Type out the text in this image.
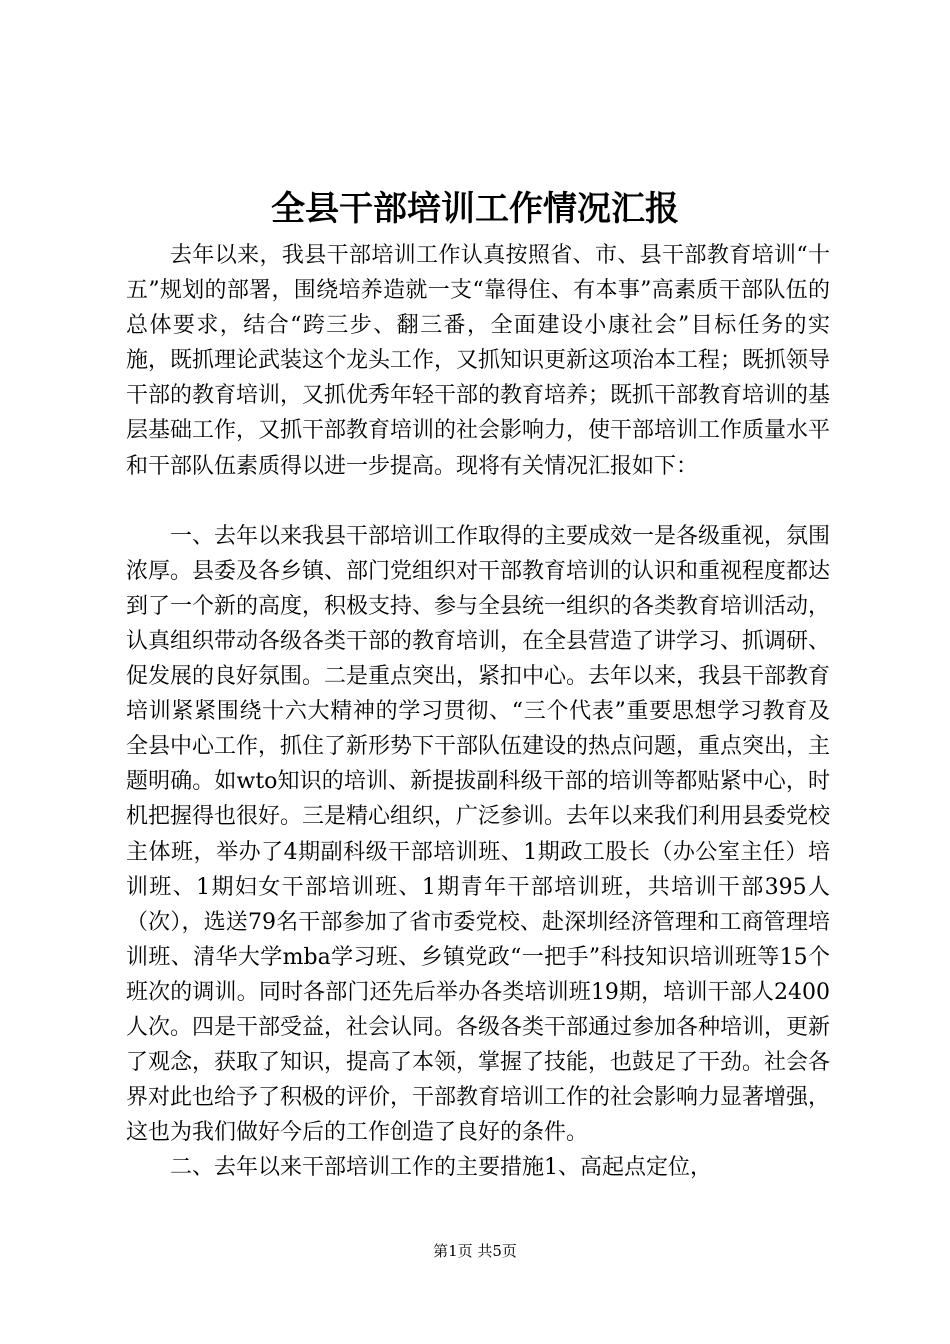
全县干部培训工作情况汇报

去年以来，我县干部培训工作认真按照省、市、县干部教育培训“十五”规划的部署，围绕培养造就一支“靠得住、有本事”高素质干部队伍的总体要求，结合“跨三步、翻三番，全面建设小康社会”目标任务的实施，既抓理论武装这个龙头工作，又抓知识更新这项治本工程；既抓领导干部的教育培训，又抓优秀年轻干部的教育培养；既抓干部教育培训的基层基础工作，又抓干部教育培训的社会影响力，使干部培训工作质量水平和干部队伍素质得以进一步提高。现将有关情况汇报如下：

一、去年以来我县干部培训工作取得的主要成效一是各级重视，氛围浓厚。县委及各乡镇、部门党组织对干部教育培训的认识和重视程度都达到了一个新的高度，积极支持、参与全县统一组织的各类教育培训活动，认真组织带动各级各类干部的教育培训，在全县营造了讲学习、抓调研、促发展的良好氛围。二是重点突出，紧扣中心。去年以来，我县干部教育培训紧紧围绕十六大精神的学习贯彻、“三个代表”重要思想学习教育及全县中心工作，抓住了新形势下干部队伍建设的热点问题，重点突出，主题明确。如wto知识的培训、新提拔副科级干部的培训等都贴紧中心，时机把握得也很好。三是精心组织，广泛参训。去年以来我们利用县委党校主体班，举办了4期副科级干部培训班、1期政工股长（办公室主任）培训班、1期妇女干部培训班、1期青年干部培训班，共培训干部395人（次），选送79名干部参加了省市委党校、赴深圳经济管理和工商管理培训班、清华大学mba学习班、乡镇党政“一把手”科技知识培训班等15个班次的调训。同时各部门还先后举办各类培训班19期，培训干部人2400人次。四是干部受益，社会认同。各级各类干部通过参加各种培训，更新了观念，获取了知识，提高了本领，掌握了技能，也鼓足了干劲。社会各界对此也给予了积极的评价，干部教育培训工作的社会影响力显著增强，这也为我们做好今后的工作创造了良好的条件。

二、去年以来干部培训工作的主要措施1、高起点定位，

第1页 共5页
